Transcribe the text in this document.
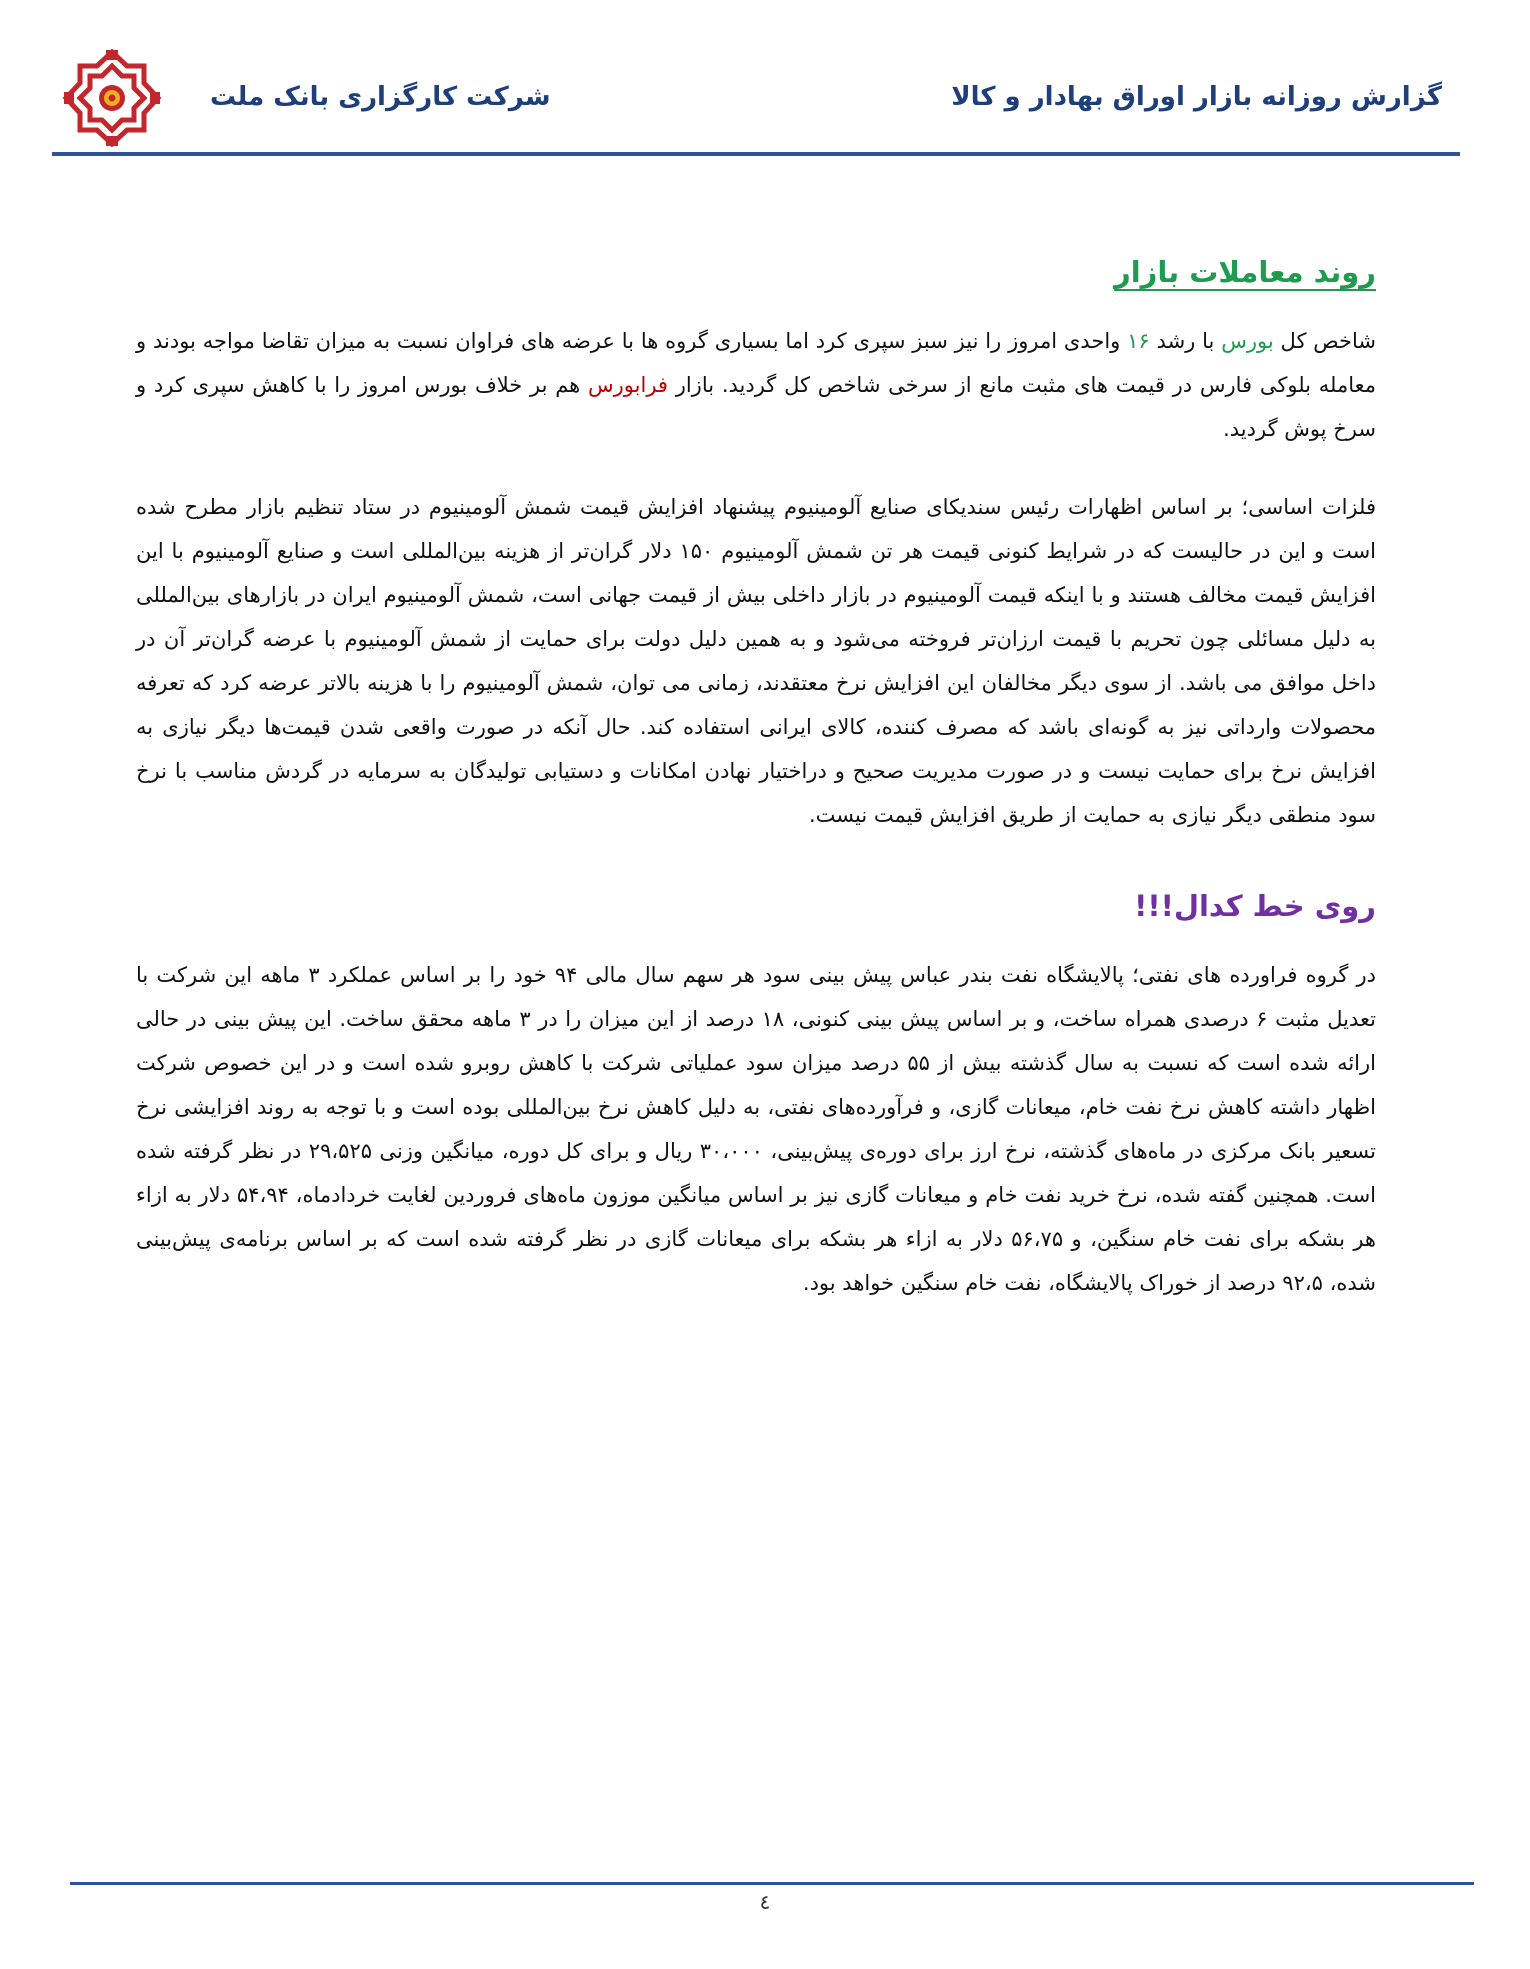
شرکت کارگزاری بانک ملت	گزارش روزانه بازار اوراق بهادار و کالا
روند معاملات بازار

شاخص کل بورس با رشد ۱۶ واحدی امروز را نیز سبز سپری کرد اما بسیاری گروه ها با عرضه های فراوان نسبت به میزان تقاضا مواجه بودند و معامله بلوکی فارس در قیمت های مثبت مانع از سرخی شاخص کل گردید. بازار فرابورس هم بر خلاف بورس امروز را با کاهش سپری کرد و سرخ پوش گردید.

فلزات اساسی؛ بر اساس اظهارات رئیس سندیکای صنایع آلومینیوم پیشنهاد افزایش قیمت شمش آلومینیوم در ستاد تنظیم بازار مطرح شده است و این در حالیست که در شرایط کنونی قیمت هر تن شمش آلومینیوم ۱۵۰ دلار گران‌تر از هزینه بین‌المللی است و صنایع آلومینیوم با این افزایش قیمت مخالف هستند و با اینکه قیمت آلومینیوم در بازار داخلی بیش از قیمت جهانی است، شمش آلومینیوم ایران در بازارهای بین‌المللی به دلیل مسائلی چون تحریم با قیمت ارزان‌تر فروخته می‌شود و به همین دلیل دولت برای حمایت از شمش آلومینیوم با عرضه گران‌تر آن در داخل موافق می باشد. از سوی دیگر مخالفان این افزایش نرخ معتقدند، زمانی می توان، شمش آلومینیوم را با هزینه بالاتر عرضه کرد که تعرفه محصولات وارداتی نیز به گونه‌ای باشد که مصرف کننده، کالای ایرانی استفاده کند. حال آنکه در صورت واقعی شدن قیمت‌ها دیگر نیازی به افزایش نرخ برای حمایت نیست و در صورت مدیریت صحیح و دراختیار نهادن امکانات و دستیابی تولیدگان به سرمایه در گردش مناسب با نرخ سود منطقی دیگر نیازی به حمایت از طریق افزایش قیمت نیست.

روی خط کدال!!!

در گروه فراورده های نفتی؛ پالایشگاه نفت بندر عباس پیش بینی سود هر سهم سال مالی ۹۴ خود را بر اساس عملکرد ۳ ماهه این شرکت با تعدیل مثبت ۶ درصدی همراه ساخت، و بر اساس پیش بینی کنونی، ۱۸ درصد از این میزان را در ۳ ماهه محقق ساخت. این پیش بینی در حالی ارائه شده است که نسبت به سال گذشته بیش از ۵۵ درصد میزان سود عملیاتی شرکت با کاهش روبرو شده است و در این خصوص شرکت اظهار داشته کاهش نرخ نفت خام، میعانات گازی، و فرآورده‌های نفتی، به دلیل کاهش نرخ بین‌المللی بوده است و با توجه به روند افزایشی نرخ تسعیر بانک مرکزی در ماه‌های گذشته، نرخ ارز برای دوره‌ی پیش‌بینی، ۳۰،۰۰۰ ریال و برای کل دوره، میانگین وزنی ۲۹،۵۲۵ در نظر گرفته شده است. همچنین گفته شده، نرخ خرید نفت خام و میعانات گازی نیز بر اساس میانگین موزون ماه‌های فروردین لغایت خردادماه، ۵۴،۹۴ دلار به ازاء هر بشکه برای نفت خام سنگین، و ۵۶،۷۵ دلار به ازاء هر بشکه برای میعانات گازی در نظر گرفته شده است که بر اساس برنامه‌ی پیش‌بینی شده، ۹۲،۵ درصد از خوراک پالایشگاه، نفت خام سنگین خواهد بود.

٤
